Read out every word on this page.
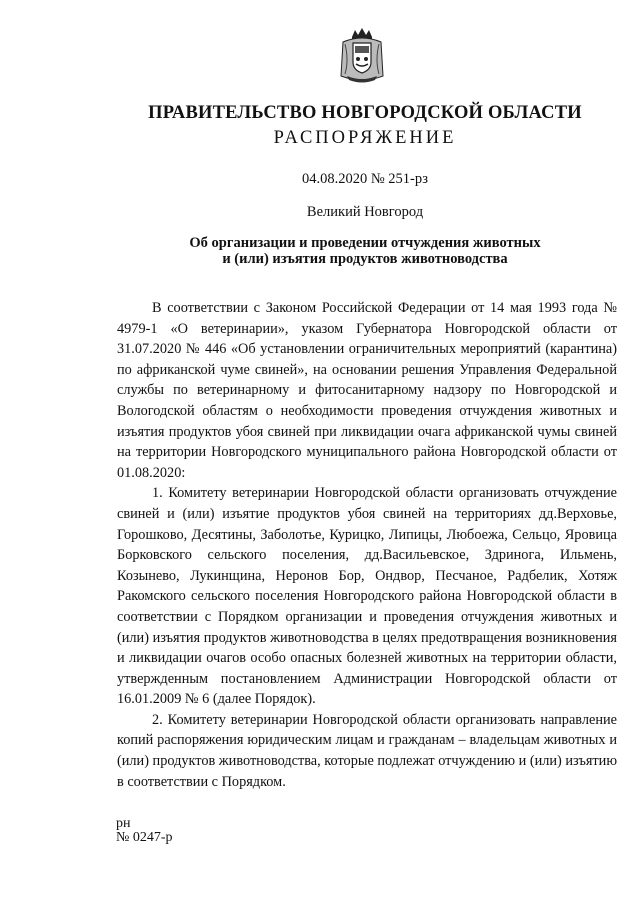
ПРАВИТЕЛЬСТВО НОВГОРОДСКОЙ ОБЛАСТИ
РАСПОРЯЖЕНИЕ
04.08.2020 № 251-рз
Великий Новгород
Об организации и проведении отчуждения животных
и (или) изъятия продуктов животноводства

В соответствии с Законом Российской Федерации от 14 мая 1993 года № 4979-1 «О ветеринарии», указом Губернатора Новгородской области от 31.07.2020 № 446 «Об установлении ограничительных мероприятий (карантина) по африканской чуме свиней», на основании решения Управления Федеральной службы по ветеринарному и фитосанитарному надзору по Новгородской и Вологодской областям о необходимости проведения отчуждения животных и изъятия продуктов убоя свиней при ликвидации очага африканской чумы свиней на территории Новгородского муниципального района Новгородской области от 01.08.2020:

1. Комитету ветеринарии Новгородской области организовать отчуждение свиней и (или) изъятие продуктов убоя свиней на территориях дд.Верховье, Горошково, Десятины, Заболотье, Курицко, Липицы, Любоежа, Сельцо, Яровица Борковского сельского поселения, дд.Васильевское, Здринога, Ильмень, Козынево, Лукинщина, Неронов Бор, Ондвор, Песчаное, Радбелик, Хотяж Ракомского сельского поселения Новгородского района Новгородской области в соответствии с Порядком организации и проведения отчуждения животных и (или) изъятия продуктов животноводства в целях предотвращения возникновения и ликвидации очагов особо опасных болезней животных на территории области, утвержденным постановлением Администрации Новгородской области от 16.01.2009 № 6 (далее Порядок).

2. Комитету ветеринарии Новгородской области организовать направление копий распоряжения юридическим лицам и гражданам – владельцам животных и (или) продуктов животноводства, которые подлежат отчуждению и (или) изъятию в соответствии с Порядком.

рн
№ 0247-р
